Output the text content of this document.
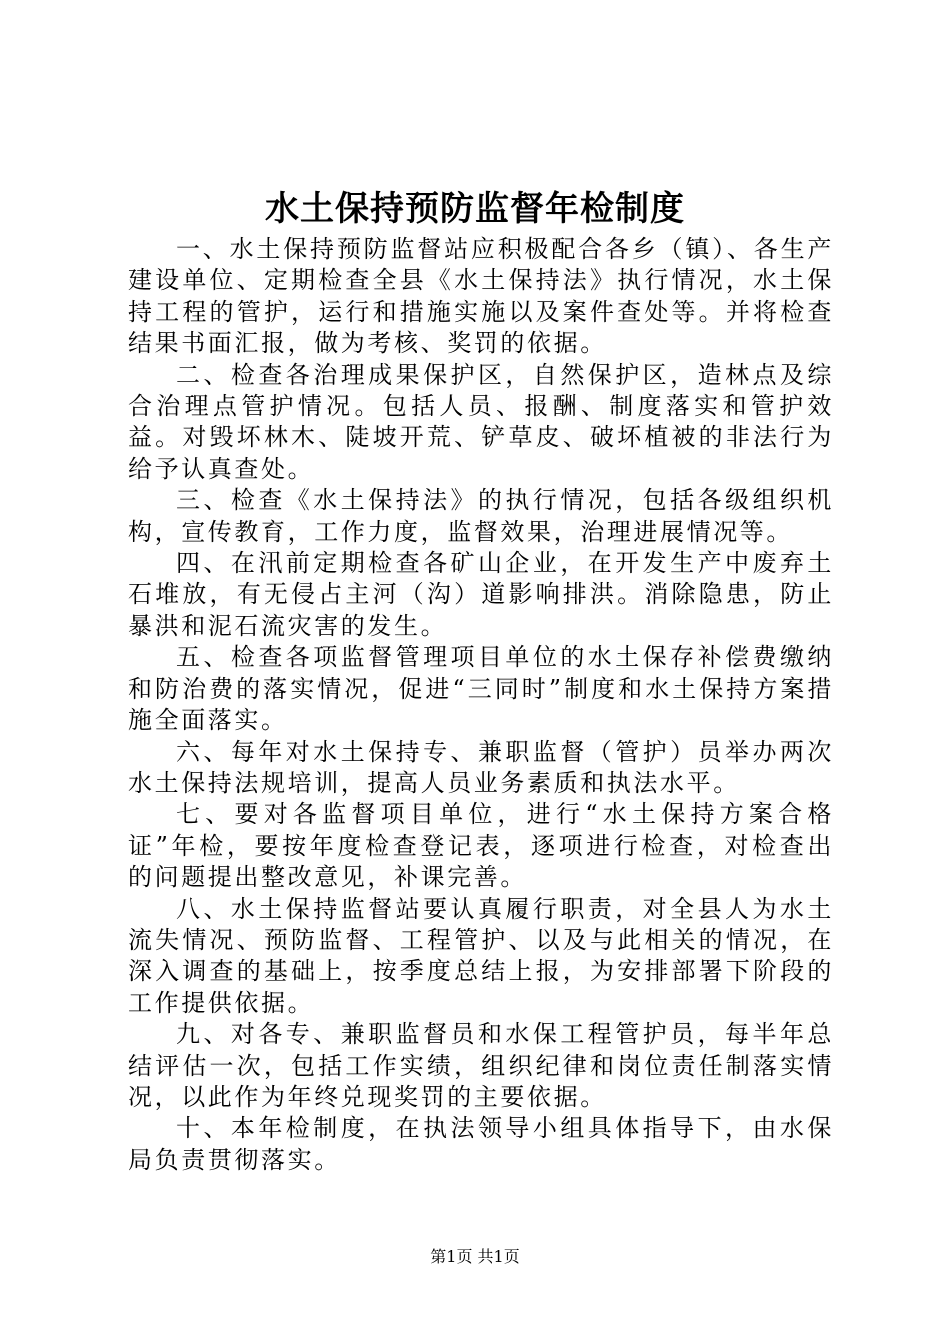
水土保持预防监督年检制度

一、水土保持预防监督站应积极配合各乡（镇）、各生产建设单位、定期检查全县《水土保持法》执行情况，水土保持工程的管护，运行和措施实施以及案件查处等。并将检查结果书面汇报，做为考核、奖罚的依据。

二、检查各治理成果保护区，自然保护区，造林点及综合治理点管护情况。包括人员、报酬、制度落实和管护效益。对毁坏林木、陡坡开荒、铲草皮、破坏植被的非法行为给予认真查处。

三、检查《水土保持法》的执行情况，包括各级组织机构，宣传教育，工作力度，监督效果，治理进展情况等。

四、在汛前定期检查各矿山企业，在开发生产中废弃土石堆放，有无侵占主河（沟）道影响排洪。消除隐患，防止暴洪和泥石流灾害的发生。

五、检查各项监督管理项目单位的水土保存补偿费缴纳和防治费的落实情况，促进“三同时”制度和水土保持方案措施全面落实。

六、每年对水土保持专、兼职监督（管护）员举办两次水土保持法规培训，提高人员业务素质和执法水平。

七、要对各监督项目单位，进行“水土保持方案合格证”年检，要按年度检查登记表，逐项进行检查，对检查出的问题提出整改意见，补课完善。

八、水土保持监督站要认真履行职责，对全县人为水土流失情况、预防监督、工程管护、以及与此相关的情况，在深入调查的基础上，按季度总结上报，为安排部署下阶段的工作提供依据。

九、对各专、兼职监督员和水保工程管护员，每半年总结评估一次，包括工作实绩，组织纪律和岗位责任制落实情况，以此作为年终兑现奖罚的主要依据。

十、本年检制度，在执法领导小组具体指导下，由水保局负责贯彻落实。

第1页 共1页
